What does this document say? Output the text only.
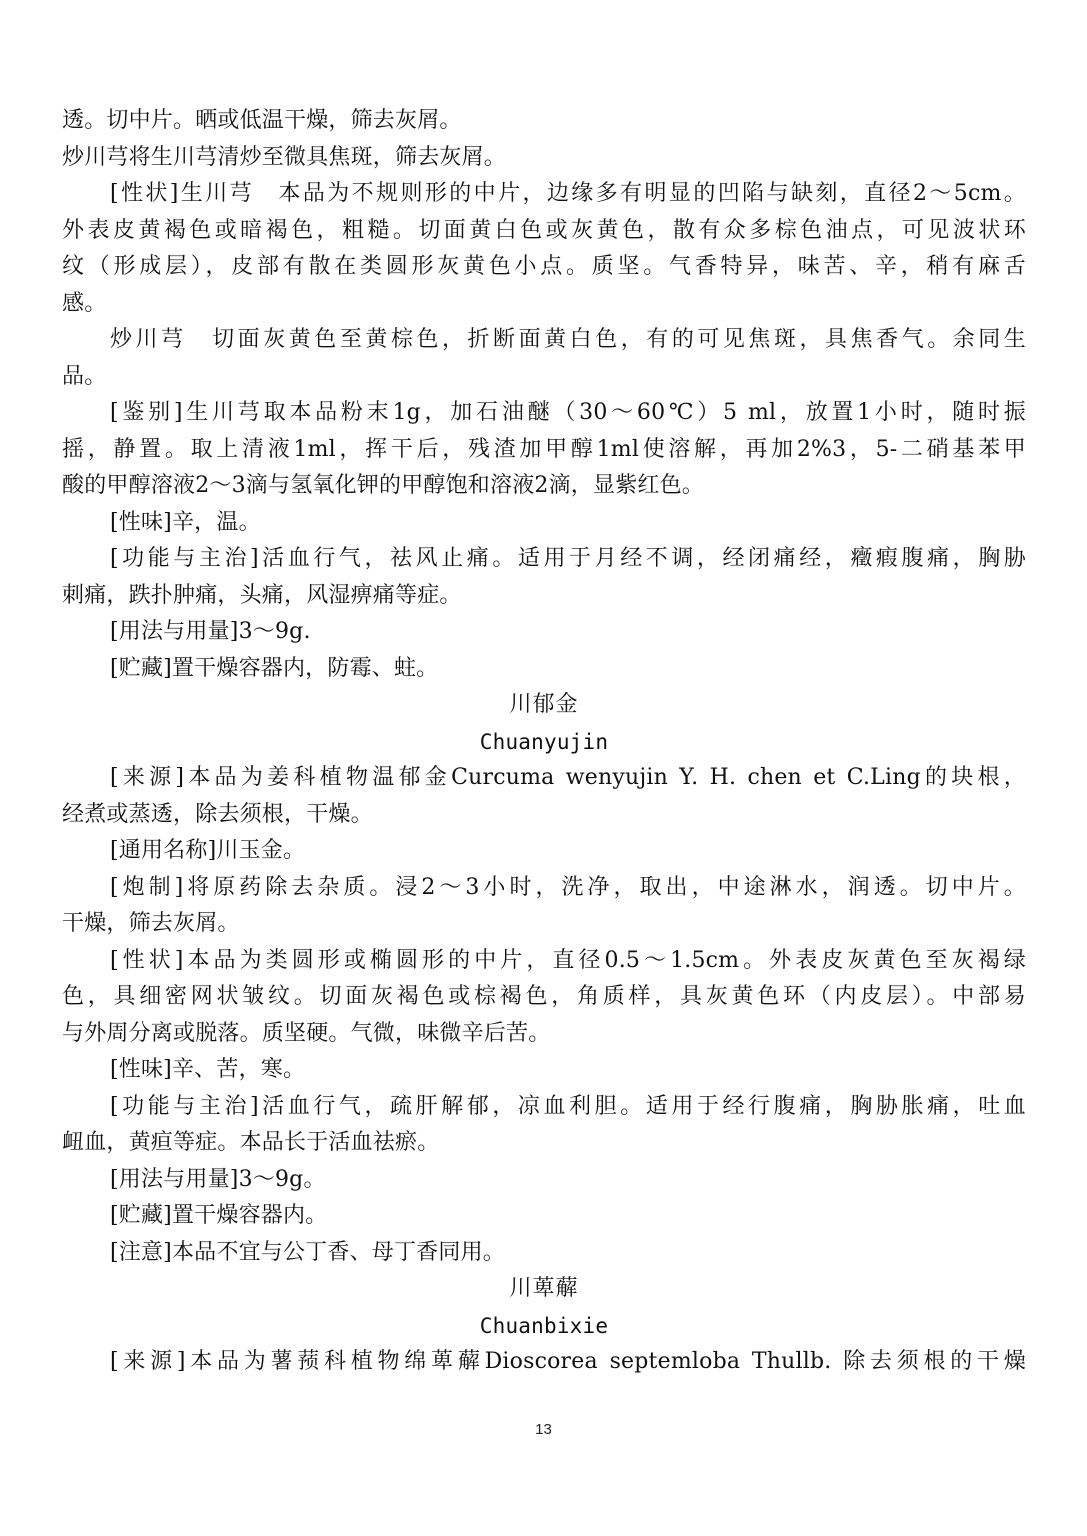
透。切中片。晒或低温干燥，筛去灰屑。

炒川芎将生川芎清炒至微具焦斑，筛去灰屑。

[性状]生川芎　本品为不规则形的中片，边缘多有明显的凹陷与缺刻，直径2～5cm。

外表皮黄褐色或暗褐色，粗糙。切面黄白色或灰黄色，散有众多棕色油点，可见波状环

纹（形成层），皮部有散在类圆形灰黄色小点。质坚。气香特异，味苦、辛，稍有麻舌

感。

炒川芎　切面灰黄色至黄棕色，折断面黄白色，有的可见焦斑，具焦香气。余同生

品。

[鉴别]生川芎取本品粉末1g，加石油醚（30～60℃）5 ml，放置1小时，随时振

摇，静置。取上清液1ml，挥干后，残渣加甲醇1ml使溶解，再加2%3，5-二硝基苯甲

酸的甲醇溶液2～3滴与氢氧化钾的甲醇饱和溶液2滴，显紫红色。

[性味]辛，温。

[功能与主治]活血行气，祛风止痛。适用于月经不调，经闭痛经，癥瘕腹痛，胸胁

刺痛，跌扑肿痛，头痛，风湿痹痛等症。

[用法与用量]3～9g.

[贮藏]置干燥容器内，防霉、蛀。

川郁金

Chuanyujin

[来源]本品为姜科植物温郁金Curcuma wenyujin Y. H. chen et C.Ling的块根，

经煮或蒸透，除去须根，干燥。

[通用名称]川玉金。

[炮制]将原药除去杂质。浸2～3小时，洗净，取出，中途淋水，润透。切中片。

干燥，筛去灰屑。

[性状]本品为类圆形或椭圆形的中片，直径0.5～1.5cm。外表皮灰黄色至灰褐绿

色，具细密网状皱纹。切面灰褐色或棕褐色，角质样，具灰黄色环（内皮层）。中部易

与外周分离或脱落。质坚硬。气微，味微辛后苦。

[性味]辛、苦，寒。

[功能与主治]活血行气，疏肝解郁，凉血利胆。适用于经行腹痛，胸胁胀痛，吐血

衄血，黄疸等症。本品长于活血祛瘀。

[用法与用量]3～9g。

[贮藏]置干燥容器内。

[注意]本品不宜与公丁香、母丁香同用。

川萆薢

Chuanbixie

[来源]本品为薯蓣科植物绵萆薢Dioscorea septemloba Thullb. 除去须根的干燥

13
